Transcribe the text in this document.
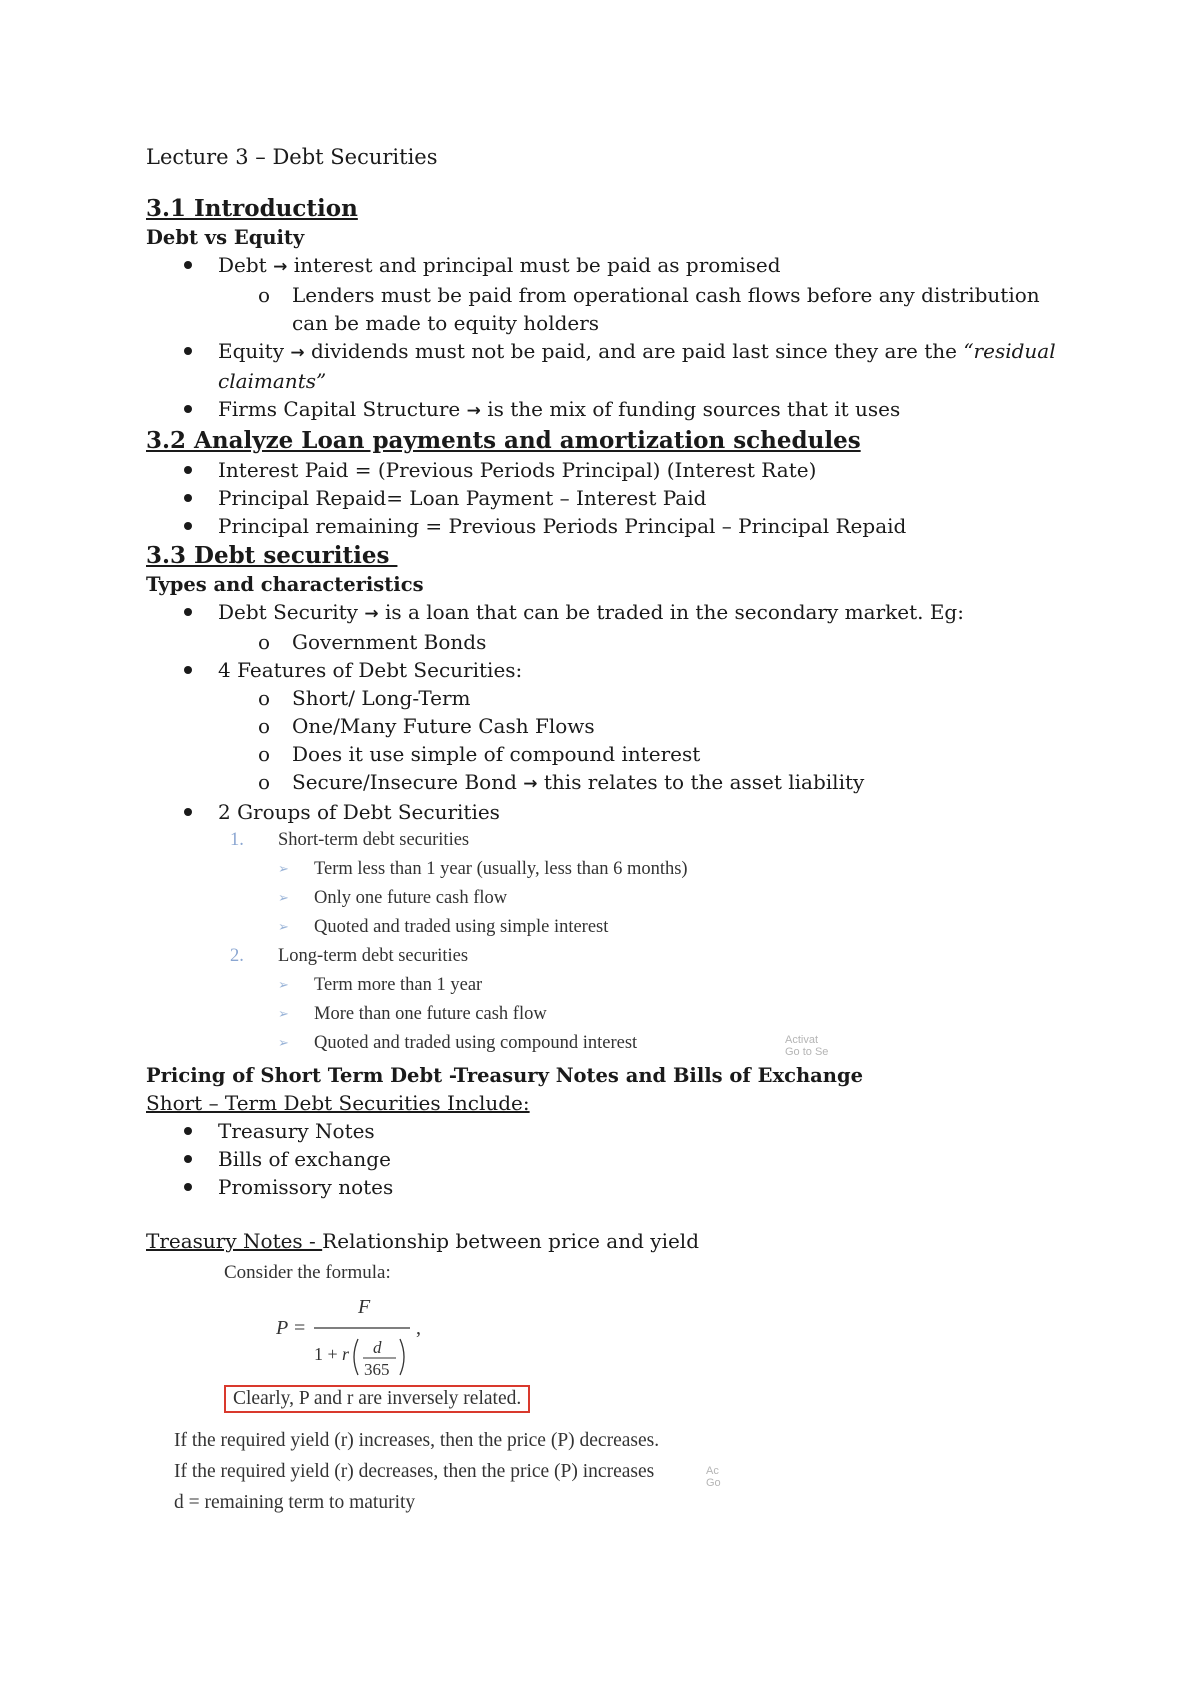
Lecture 3 – Debt Securities
3.1 Introduction
Debt vs Equity
Debt → interest and principal must be paid as promised
o Lenders must be paid from operational cash flows before any distribution can be made to equity holders
Equity → dividends must not be paid, and are paid last since they are the “residual claimants”
Firms Capital Structure → is the mix of funding sources that it uses
3.2 Analyze Loan payments and amortization schedules
Interest Paid = (Previous Periods Principal) (Interest Rate)
Principal Repaid= Loan Payment – Interest Paid
Principal remaining = Previous Periods Principal – Principal Repaid
3.3 Debt securities
Types and characteristics
Debt Security → is a loan that can be traded in the secondary market. Eg:
o Government Bonds
4 Features of Debt Securities:
o Short/ Long-Term
o One/Many Future Cash Flows
o Does it use simple of compound interest
o Secure/Insecure Bond → this relates to the asset liability
2 Groups of Debt Securities
1. Short-term debt securities
➢ Term less than 1 year (usually, less than 6 months)
➢ Only one future cash flow
➢ Quoted and traded using simple interest
2. Long-term debt securities
➢ Term more than 1 year
➢ More than one future cash flow
➢ Quoted and traded using compound interest	Activat
Go to Se
Pricing of Short Term Debt -Treasury Notes and Bills of Exchange
Short – Term Debt Securities Include:
Treasury Notes
Bills of exchange
Promissory notes
Treasury Notes - Relationship between price and yield
Consider the formula:
P =
F
,
1 + r d
365
Clearly, P and r are inversely related.
If the required yield (r) increases, then the price (P) decreases.
If the required yield (r) decreases, then the price (P) increases
d = remaining term to maturity
Ac
Go
